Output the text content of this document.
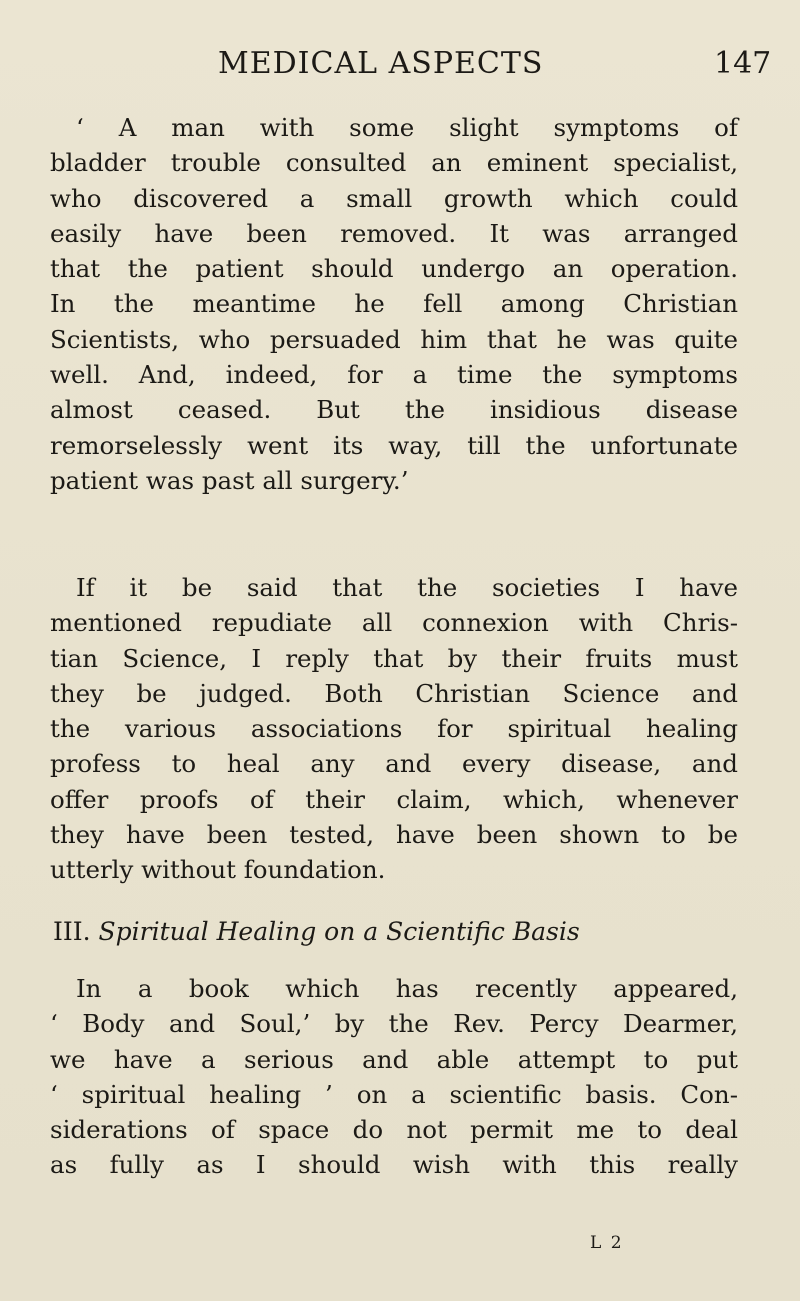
MEDICAL ASPECTS	147
‘ A man with some slight symptoms of
bladder trouble consulted an eminent specialist,
who discovered a small growth which could
easily have been removed. It was arranged
that the patient should undergo an operation.
In the meantime he fell among Christian
Scientists, who persuaded him that he was quite
well. And, indeed, for a time the symptoms
almost ceased. But the insidious disease
remorselessly went its way, till the unfortunate
patient was past all surgery.’
If it be said that the societies I have
mentioned repudiate all connexion with Chris-
tian Science, I reply that by their fruits must
they be judged. Both Christian Science and
the various associations for spiritual healing
profess to heal any and every disease, and
offer proofs of their claim, which, whenever
they have been tested, have been shown to be
utterly without foundation.
III. Spiritual Healing on a Scientific Basis
In a book which has recently appeared,
‘ Body and Soul,’ by the Rev. Percy Dearmer,
we have a serious and able attempt to put
‘ spiritual healing ’ on a scientific basis. Con-
siderations of space do not permit me to deal
as fully as I should wish with this really
L 2
